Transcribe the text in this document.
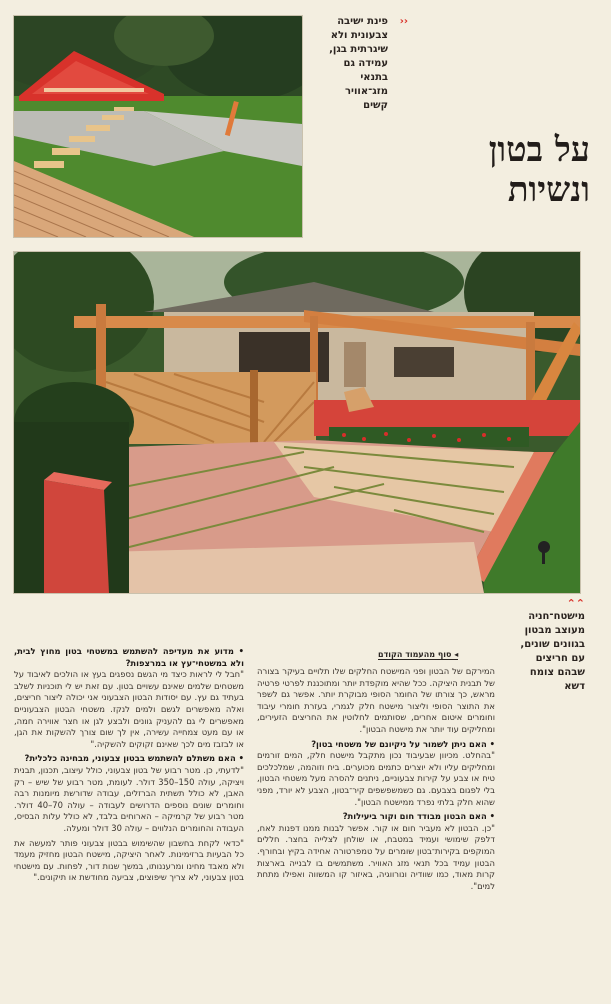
‹‹
פינת ישיבה
צבעונית ולא
שיגרתית בגן,
עמידה גם
בתנאי
מזג־אוויר
קשים
על בטון
ונשיות
⌃⌃
מישטח־חניה
מעוצב מבטון
בגוונים שונים,
עם חריצים
שבהם צומח
דשא
◂ סוף מהעמוד הקודם

המירקם של הבטון ופני המישטח החלקים שלו תלויים בעיקר בצורה של תבנית היציקה. ככל שהיא מוקפדת יותר ומתוכננת לפרטי פרטיה מראש, כך צורתו של החומר הסופי מבוקרת יותר. אפשר גם לשפר את התוצר הסופי וליצור מישטח חלק לגמרי, בעזרת חומרי עיבוד וחומרים איטום אחרים, שסותמים לחלוטין את החריצים הזעירים, ומחליקים עוד יותר את מישטח הבטון".

• האם ניתן לשמור על ניקיונם של משטחי בטון?

"בהחלט. מכיוון שבעיבוד נכון מתקבל מישטח חלק, המים זורמים ומחליקים עליו ולא יוצרים כתמים מכוערים. ביח וזוהמה, שמלכלכים טיח או צבע על קירות צבעוניים, ניתנים להסרה מעל משטחי הבטון, בלי לפגום בצבעם. גם כשמשפשפים קיר־בטון, הצבע לא יורד, מפני שהוא חלק בלתי נפרד ממישטח הבטון".

• האם הבטון מבודד חום וקור ביעילות?

"כן. הבטון לא מעביר חום או קור. אפשר לבנות ממנו דפנות לאח, דלפק שימושי ועמיד במטבח, או שולחן לצלייה בחצר. חללים המוקפים בקירות־בטון שומרים על טמפרטורה אחידה בקיץ ובחורף. הבטון עמיד בכל תנאי מזג האוויר. משתמשים בו לבנייה בארצות קרות מאוד, כמו שוודיה ונורווגיה, באיזור קו המשווה ואפילו מתחת למים".

• מדוע את מעדיפה להשתמש במשטחי בטון מחוץ לבית, ולא במשטחי־עץ או במרצפות?

"חבל לי לראות כיצד מי הגשם נספגים בעץ או הולכים לאיבוד על משטחים שלמים שאינם עשויים בטון. עם זאת יש לי תוכניות לשלב בעתיד גם עץ. עם יסודות הבטון הצבעוני אני יכולה ליצור חריצים, ואלה מאפשרים לגשם ולמים לנקז. משטחי הבטון הצבעוניים מאפשרים לי גם להעניק גוונים ולבצע לגן או חצר אווירה חמה, או עם מעט צמחייה עשירה, אין לך שום צורך להשקות את הגן, או לבזבז מים לכך שאינם זקוקים להשקיה."

• האם משתלם להשתמש בבטון צבעוני, מבחינה כלכלית?

"לדעתי, כן. מטר רבוע של בטון צבעוני, כולל עיצוב, תכנון, תבנית ויציקה, עולה 150–350 דולר. לעומת, מטר רבוע של שיש – רק האבן, לא כולל תשתית הברזלים, עבודה שדורשת מיומנות רבה וחומרים שונים נוספים הדרושים לעבודה – עולה 70–40 דולר. מטר רבוע של קרמיקה – הארוחים בלבד, לא כולל עלות הבסיס, העבודה והחומרים הנלווים – עולה 30 דולר ומעלה.

"כדאי לקחת בחשבון שהשימוש בבטון צבעוני פותר למעשה את כל הבעיות ברזימינות. לאחר היציקה, מישטח הבטון מחזיק מעמד ולא מאבד מחינו ומרעננותו, במשך שנות דור, לפחות. עם מישטחי בטון צבעוני, לא צריך שיפוצים, צביעה מחודשת או תיקונים."
